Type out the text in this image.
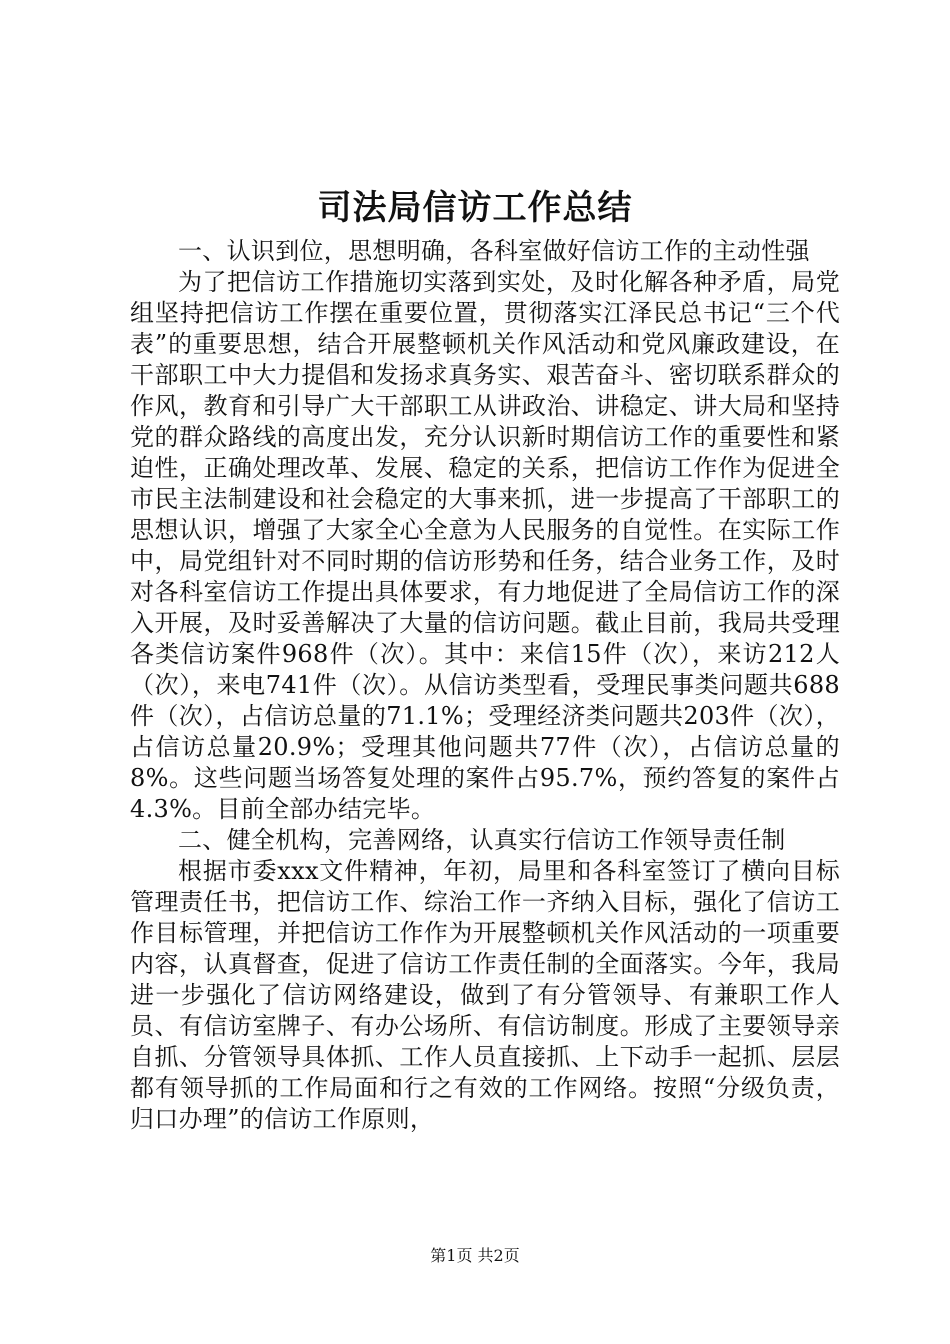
司法局信访工作总结

一、认识到位，思想明确，各科室做好信访工作的主动性强

为了把信访工作措施切实落到实处，及时化解各种矛盾，局党组坚持把信访工作摆在重要位置，贯彻落实江泽民总书记“三个代表”的重要思想，结合开展整顿机关作风活动和党风廉政建设，在干部职工中大力提倡和发扬求真务实、艰苦奋斗、密切联系群众的作风，教育和引导广大干部职工从讲政治、讲稳定、讲大局和坚持党的群众路线的高度出发，充分认识新时期信访工作的重要性和紧迫性，正确处理改革、发展、稳定的关系，把信访工作作为促进全市民主法制建设和社会稳定的大事来抓，进一步提高了干部职工的思想认识，增强了大家全心全意为人民服务的自觉性。在实际工作中，局党组针对不同时期的信访形势和任务，结合业务工作，及时对各科室信访工作提出具体要求，有力地促进了全局信访工作的深入开展，及时妥善解决了大量的信访问题。截止目前，我局共受理各类信访案件968件（次）。其中：来信15件（次），来访212人（次），来电741件（次）。从信访类型看，受理民事类问题共688件（次），占信访总量的71.1%；受理经济类问题共203件（次），占信访总量20.9%；受理其他问题共77件（次），占信访总量的8%。这些问题当场答复处理的案件占95.7%，预约答复的案件占4.3%。目前全部办结完毕。

二、健全机构，完善网络，认真实行信访工作领导责任制

根据市委xxx文件精神，年初，局里和各科室签订了横向目标管理责任书，把信访工作、综治工作一齐纳入目标，强化了信访工作目标管理，并把信访工作作为开展整顿机关作风活动的一项重要内容，认真督查，促进了信访工作责任制的全面落实。今年，我局进一步强化了信访网络建设，做到了有分管领导、有兼职工作人员、有信访室牌子、有办公场所、有信访制度。形成了主要领导亲自抓、分管领导具体抓、工作人员直接抓、上下动手一起抓、层层都有领导抓的工作局面和行之有效的工作网络。按照“分级负责，归口办理”的信访工作原则，

第1页 共2页
